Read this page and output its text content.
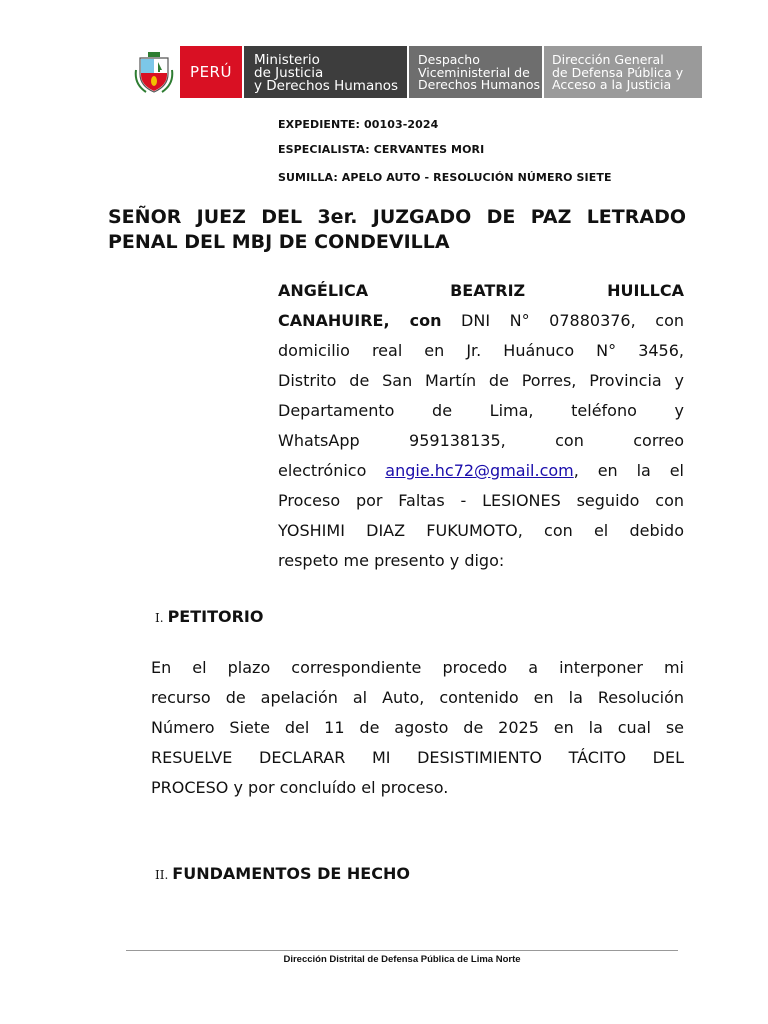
PERÚ
Ministerio
de Justicia
y Derechos Humanos
Despacho
Viceministerial de
Derechos Humanos
Dirección General
de Defensa Pública y
Acceso a la Justicia
EXPEDIENTE: 00103-2024
ESPECIALISTA: CERVANTES MORI
SUMILLA: APELO AUTO - RESOLUCIÓN NÚMERO SIETE
SEÑOR JUEZ DEL 3er. JUZGADO DE PAZ LETRADO
PENAL DEL MBJ DE CONDEVILLA
ANGÉLICA BEATRIZ HUILLCA
CANAHUIRE, con DNI N° 07880376, con
domicilio real en Jr. Huánuco N° 3456,
Distrito de San Martín de Porres, Provincia y
Departamento de Lima, teléfono y
WhatsApp 959138135, con correo
electrónico angie.hc72@gmail.com, en la el
Proceso por Faltas - LESIONES seguido con
YOSHIMI DIAZ FUKUMOTO, con el debido
respeto me presento y digo:
I. PETITORIO
En el plazo correspondiente procedo a interponer mi
recurso de apelación al Auto, contenido en la Resolución
Número Siete del 11 de agosto de 2025 en la cual se
RESUELVE DECLARAR MI DESISTIMIENTO TÁCITO DEL
PROCESO y por concluído el proceso.
II. FUNDAMENTOS DE HECHO
Dirección Distrital de Defensa Pública de Lima Norte
